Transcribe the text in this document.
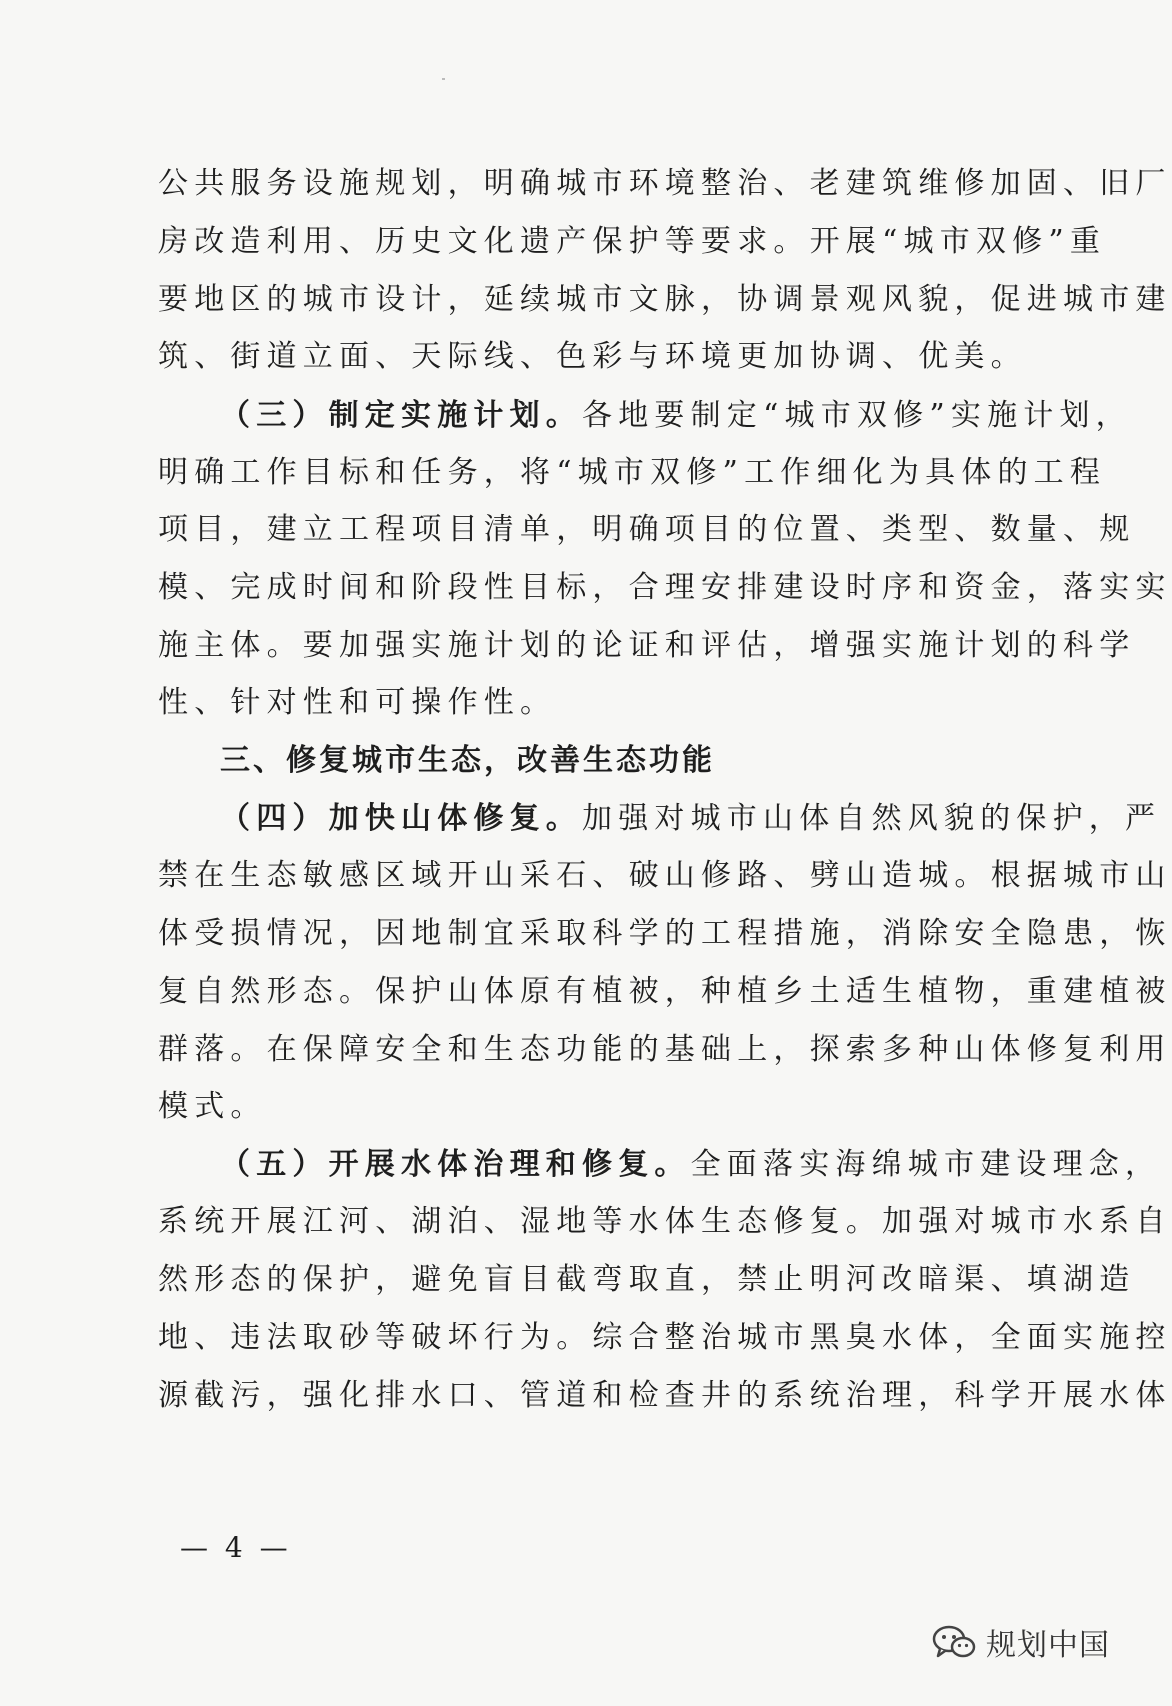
公共服务设施规划，明确城市环境整治、老建筑维修加固、旧厂
房改造利用、历史文化遗产保护等要求。开展“城市双修”重
要地区的城市设计，延续城市文脉，协调景观风貌，促进城市建
筑、街道立面、天际线、色彩与环境更加协调、优美。
（三）制定实施计划。各地要制定“城市双修”实施计划，
明确工作目标和任务，将“城市双修”工作细化为具体的工程
项目，建立工程项目清单，明确项目的位置、类型、数量、规
模、完成时间和阶段性目标，合理安排建设时序和资金，落实实
施主体。要加强实施计划的论证和评估，增强实施计划的科学
性、针对性和可操作性。
三、修复城市生态，改善生态功能
（四）加快山体修复。加强对城市山体自然风貌的保护，严
禁在生态敏感区域开山采石、破山修路、劈山造城。根据城市山
体受损情况，因地制宜采取科学的工程措施，消除安全隐患，恢
复自然形态。保护山体原有植被，种植乡土适生植物，重建植被
群落。在保障安全和生态功能的基础上，探索多种山体修复利用
模式。
（五）开展水体治理和修复。全面落实海绵城市建设理念，
系统开展江河、湖泊、湿地等水体生态修复。加强对城市水系自
然形态的保护，避免盲目截弯取直，禁止明河改暗渠、填湖造
地、违法取砂等破坏行为。综合整治城市黑臭水体，全面实施控
源截污，强化排水口、管道和检查井的系统治理，科学开展水体
— 4 —
规划中国
